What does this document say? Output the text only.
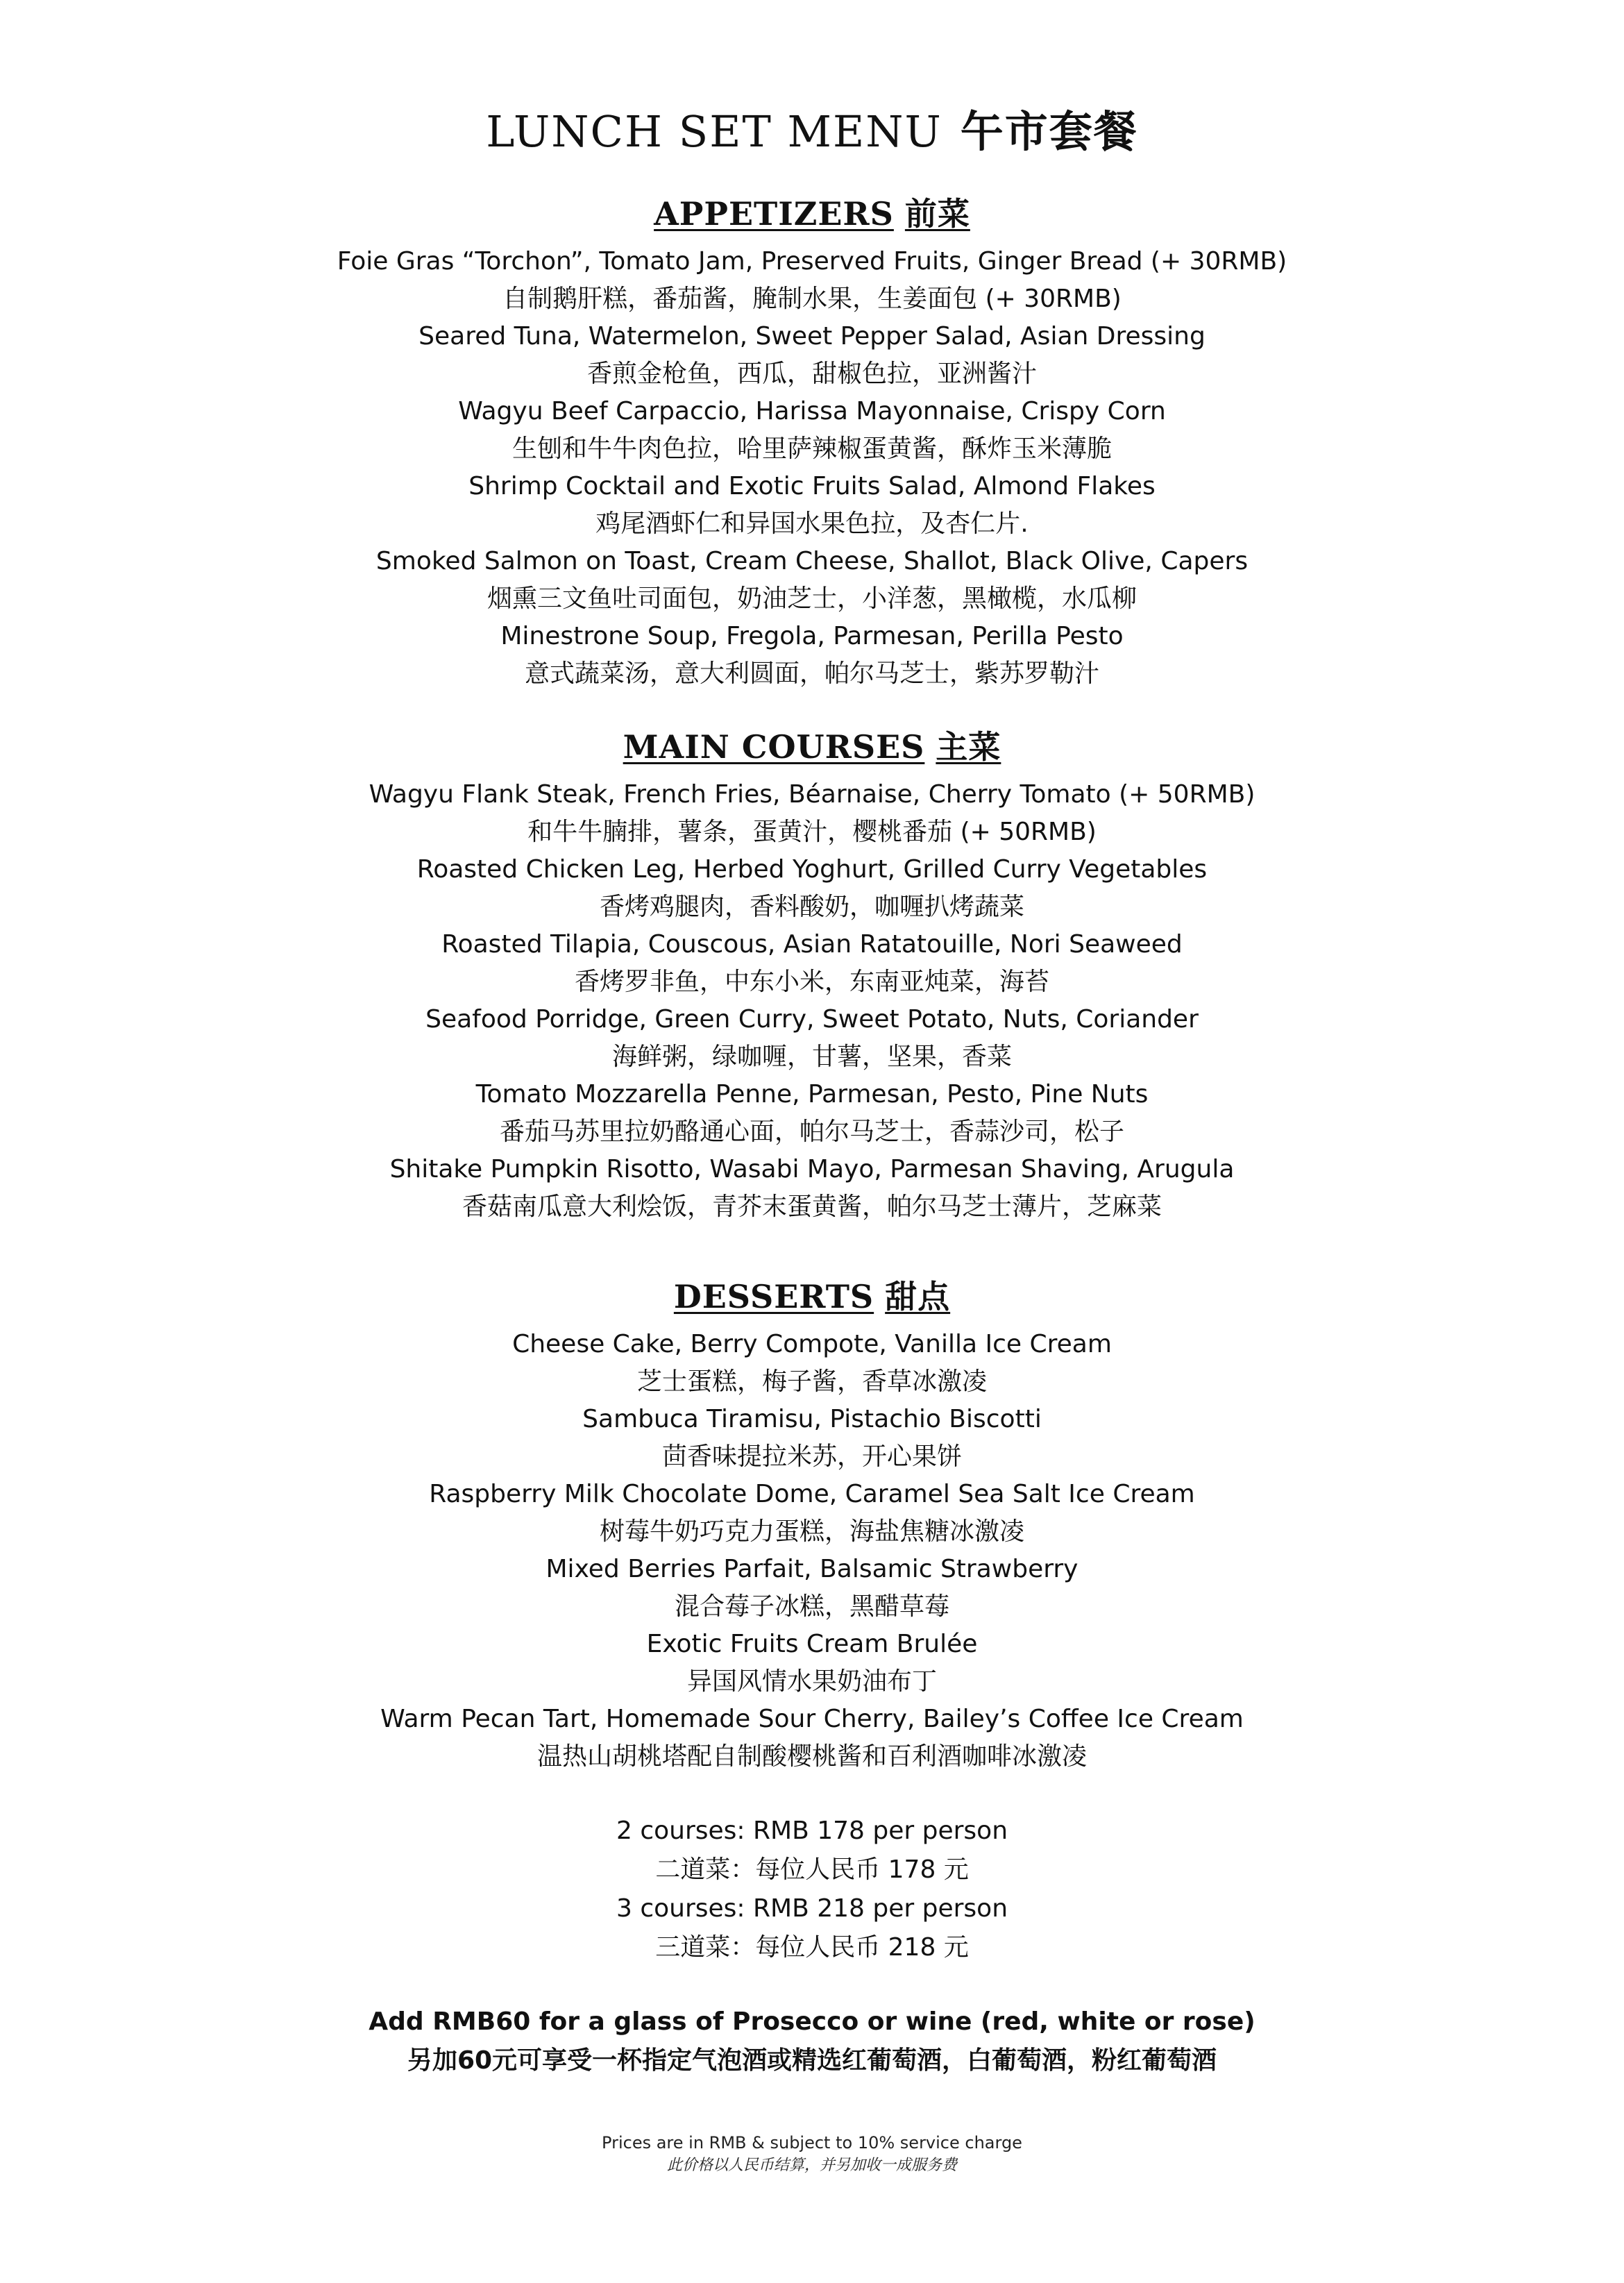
LUNCH SET MENU 午市套餐
APPETIZERS 前菜
Foie Gras “Torchon”, Tomato Jam, Preserved Fruits, Ginger Bread (+ 30RMB)
自制鹅肝糕，番茄酱，腌制水果，生姜面包 (+ 30RMB)
Seared Tuna, Watermelon, Sweet Pepper Salad, Asian Dressing
香煎金枪鱼，西瓜，甜椒色拉，亚洲酱汁
Wagyu Beef Carpaccio, Harissa Mayonnaise, Crispy Corn
生刨和牛牛肉色拉，哈里萨辣椒蛋黄酱，酥炸玉米薄脆
Shrimp Cocktail and Exotic Fruits Salad, Almond Flakes
鸡尾酒虾仁和异国水果色拉，及杏仁片.
Smoked Salmon on Toast, Cream Cheese, Shallot, Black Olive, Capers
烟熏三文鱼吐司面包，奶油芝士，小洋葱，黑橄榄，水瓜柳
Minestrone Soup, Fregola, Parmesan, Perilla Pesto
意式蔬菜汤，意大利圆面，帕尔马芝士，紫苏罗勒汁
MAIN COURSES 主菜
Wagyu Flank Steak, French Fries, Béarnaise, Cherry Tomato (+ 50RMB)
和牛牛腩排，薯条，蛋黄汁，樱桃番茄 (+ 50RMB)
Roasted Chicken Leg, Herbed Yoghurt, Grilled Curry Vegetables
香烤鸡腿肉，香料酸奶，咖喱扒烤蔬菜
Roasted Tilapia, Couscous, Asian Ratatouille, Nori Seaweed
香烤罗非鱼，中东小米，东南亚炖菜，海苔
Seafood Porridge, Green Curry, Sweet Potato, Nuts, Coriander
海鲜粥，绿咖喱，甘薯，坚果，香菜
Tomato Mozzarella Penne, Parmesan, Pesto, Pine Nuts
番茄马苏里拉奶酪通心面，帕尔马芝士，香蒜沙司，松子
Shitake Pumpkin Risotto, Wasabi Mayo, Parmesan Shaving, Arugula
香菇南瓜意大利烩饭，青芥末蛋黄酱，帕尔马芝士薄片，芝麻菜
DESSERTS 甜点
Cheese Cake, Berry Compote, Vanilla Ice Cream
芝士蛋糕，梅子酱，香草冰激凌
Sambuca Tiramisu, Pistachio Biscotti
茴香味提拉米苏，开心果饼
Raspberry Milk Chocolate Dome, Caramel Sea Salt Ice Cream
树莓牛奶巧克力蛋糕，海盐焦糖冰激凌
Mixed Berries Parfait, Balsamic Strawberry
混合莓子冰糕，黑醋草莓
Exotic Fruits Cream Brulée
异国风情水果奶油布丁
Warm Pecan Tart, Homemade Sour Cherry, Bailey’s Coffee Ice Cream
温热山胡桃塔配自制酸樱桃酱和百利酒咖啡冰激凌
2 courses: RMB 178 per person
二道菜：每位人民币 178 元
3 courses: RMB 218 per person
三道菜：每位人民币 218 元
Add RMB60 for a glass of Prosecco or wine (red, white or rose)
另加60元可享受一杯指定气泡酒或精选红葡萄酒，白葡萄酒，粉红葡萄酒
Prices are in RMB & subject to 10% service charge
此价格以人民币结算，并另加收一成服务费
